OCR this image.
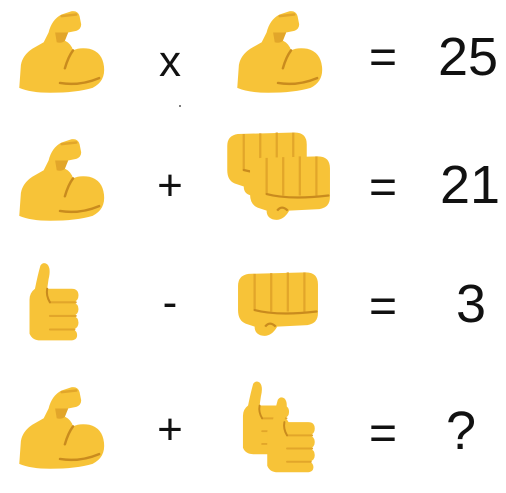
x	= 25
+	= 21
-	= 3
+	= ?
